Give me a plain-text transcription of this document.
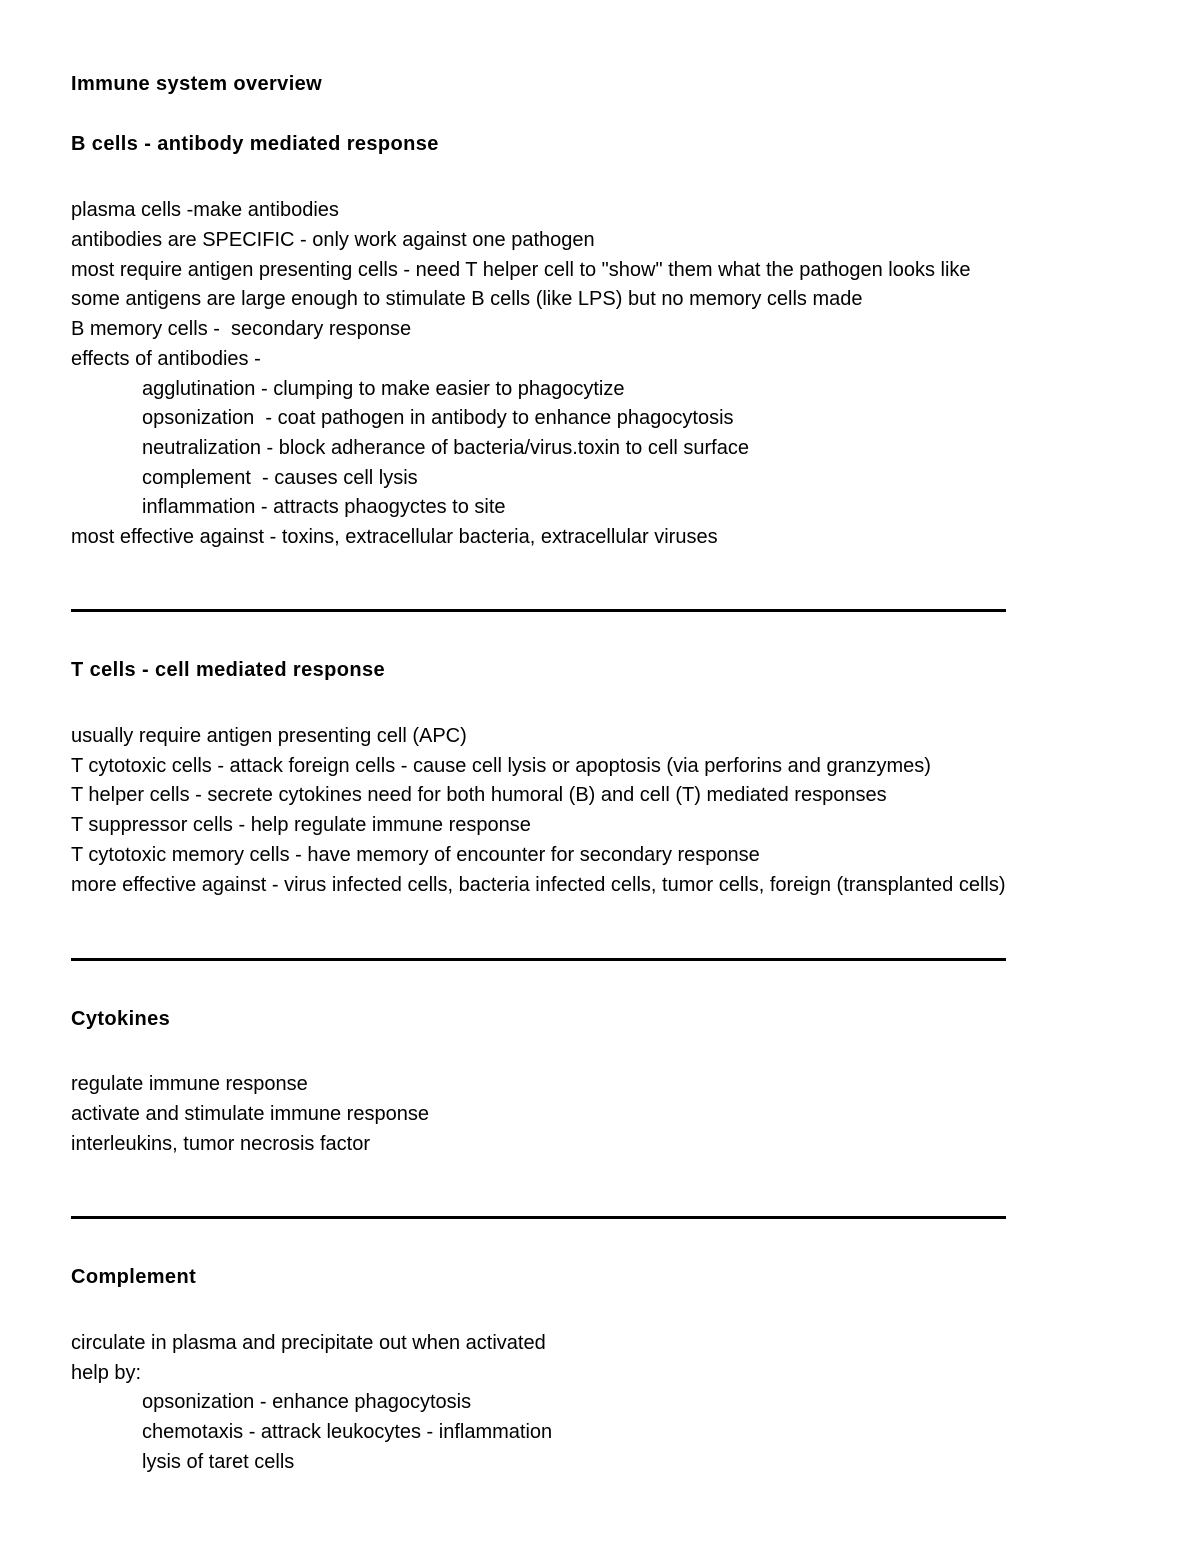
Immune system overview
B cells - antibody mediated response
plasma cells -make antibodies
antibodies are SPECIFIC - only work against one pathogen
most require antigen presenting cells - need T helper cell to "show" them what the pathogen looks like
some antigens are large enough to stimulate B cells (like LPS) but no memory cells made
B memory cells -  secondary response
effects of antibodies -
agglutination - clumping to make easier to phagocytize
opsonization  - coat pathogen in antibody to enhance phagocytosis
neutralization - block adherance of bacteria/virus.toxin to cell surface
complement  - causes cell lysis
inflammation - attracts phaogyctes to site
most effective against - toxins, extracellular bacteria, extracellular viruses
T cells - cell mediated response
usually require antigen presenting cell (APC)
T cytotoxic cells - attack foreign cells - cause cell lysis or apoptosis (via perforins and granzymes)
T helper cells - secrete cytokines need for both humoral (B) and cell (T) mediated responses
T suppressor cells - help regulate immune response
T cytotoxic memory cells - have memory of encounter for secondary response
more effective against - virus infected cells, bacteria infected cells, tumor cells, foreign (transplanted cells)
Cytokines
regulate immune response
activate and stimulate immune response
interleukins, tumor necrosis factor
Complement
circulate in plasma and precipitate out when activated
help by:
opsonization - enhance phagocytosis
chemotaxis - attrack leukocytes - inflammation
lysis of taret cells
